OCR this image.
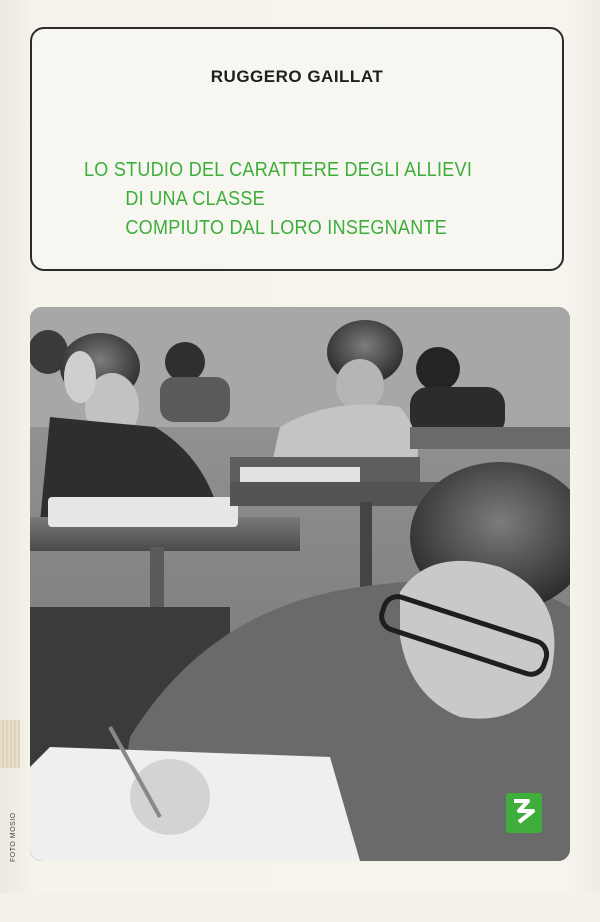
RUGGERO GAILLAT
LO STUDIO DEL CARATTERE DEGLI ALLIEVI
DI UNA CLASSE
COMPIUTO DAL LORO INSEGNANTE
FOTO MOSIO
